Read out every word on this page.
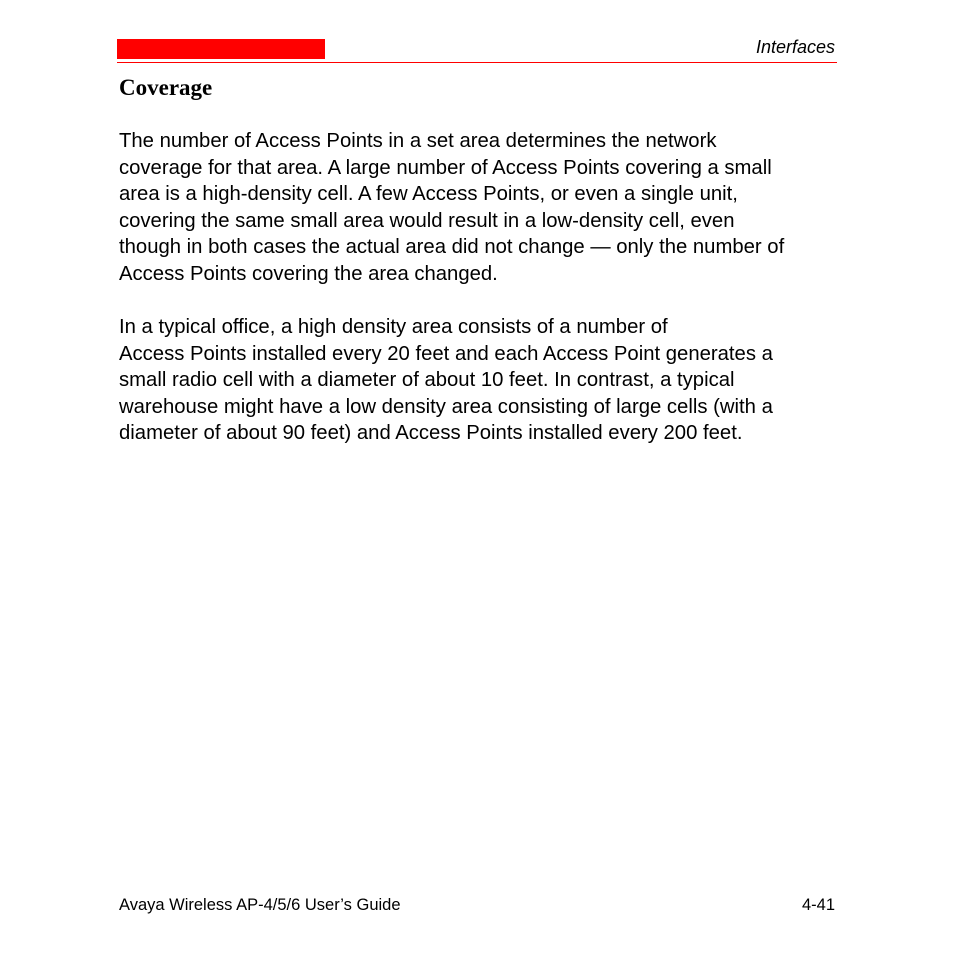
Interfaces
Coverage
The number of Access Points in a set area determines the network
coverage for that area. A large number of Access Points covering a small
area is a high-density cell. A few Access Points, or even a single unit,
covering the same small area would result in a low-density cell, even
though in both cases the actual area did not change — only the number of
Access Points covering the area changed.
In a typical office, a high density area consists of a number of
Access Points installed every 20 feet and each Access Point generates a
small radio cell with a diameter of about 10 feet. In contrast, a typical
warehouse might have a low density area consisting of large cells (with a
diameter of about 90 feet) and Access Points installed every 200 feet.
Avaya Wireless AP-4/5/6 User’s Guide	4-41
